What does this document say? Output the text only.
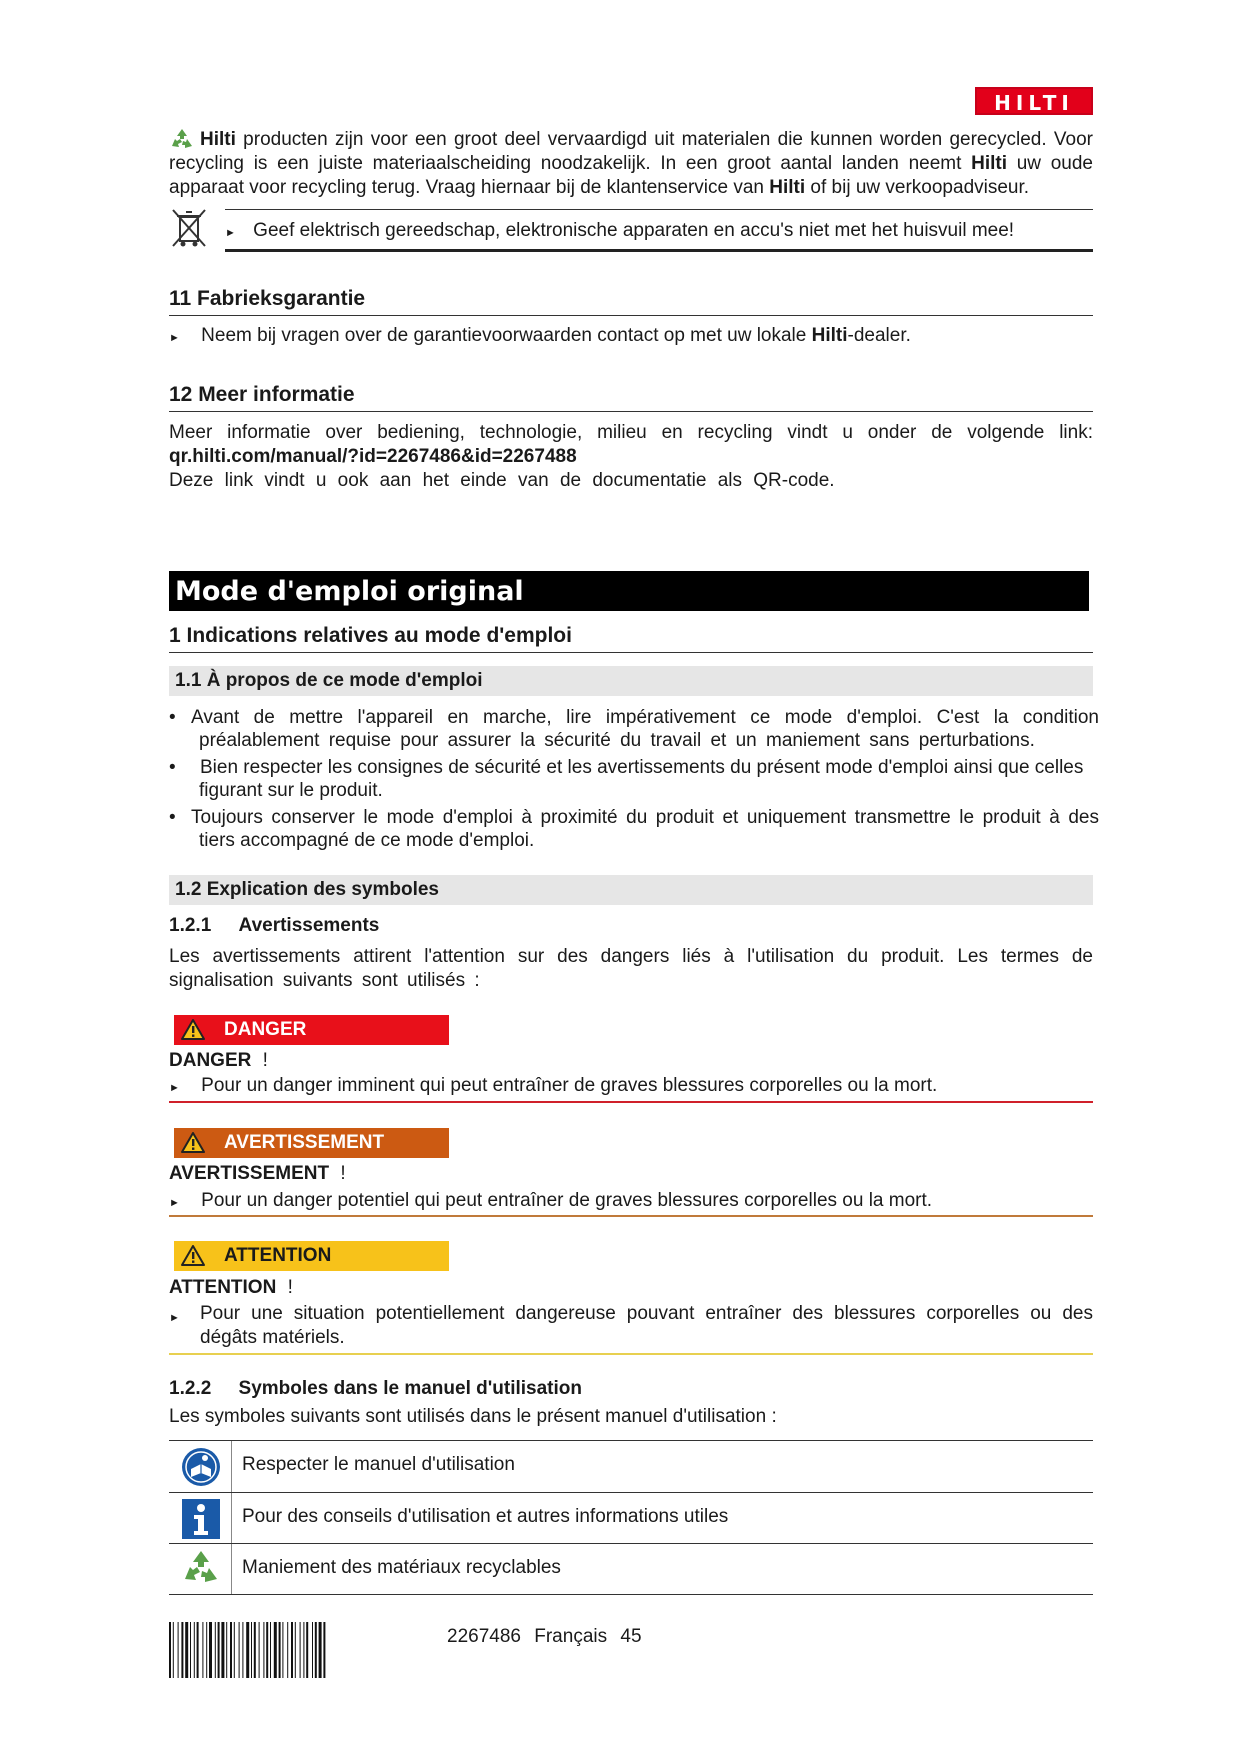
HILTI
Hilti producten zijn voor een groot deel vervaardigd uit materialen die kunnen worden gerecycled. Voor
recycling is een juiste materiaalscheiding noodzakelijk. In een groot aantal landen neemt Hilti uw oude
apparaat voor recycling terug. Vraag hiernaar bij de klantenservice van Hilti of bij uw verkoopadviseur.
► Geef elektrisch gereedschap, elektronische apparaten en accu's niet met het huisvuil mee!
11 Fabrieksgarantie
► Neem bij vragen over de garantievoorwaarden contact op met uw lokale Hilti-dealer.
12 Meer informatie
Meer informatie over bediening, technologie, milieu en recycling vindt u onder de volgende link:
qr.hilti.com/manual/?id=2267486&id=2267488
Deze link vindt u ook aan het einde van de documentatie als QR-code.
Mode d'emploi original
1 Indications relatives au mode d'emploi
1.1 À propos de ce mode d'emploi
• Avant de mettre l'appareil en marche, lire impérativement ce mode d'emploi. C'est la condition
préalablement requise pour assurer la sécurité du travail et un maniement sans perturbations.
• Bien respecter les consignes de sécurité et les avertissements du présent mode d'emploi ainsi que celles
figurant sur le produit.
• Toujours conserver le mode d'emploi à proximité du produit et uniquement transmettre le produit à des
tiers accompagné de ce mode d'emploi.
1.2 Explication des symboles
1.2.1 Avertissements
Les avertissements attirent l'attention sur des dangers liés à l'utilisation du produit. Les termes de
signalisation suivants sont utilisés :
DANGER
DANGER !
► Pour un danger imminent qui peut entraîner de graves blessures corporelles ou la mort.
AVERTISSEMENT
AVERTISSEMENT !
► Pour un danger potentiel qui peut entraîner de graves blessures corporelles ou la mort.
ATTENTION
ATTENTION !
► Pour une situation potentiellement dangereuse pouvant entraîner des blessures corporelles ou des
dégâts matériels.
1.2.2 Symboles dans le manuel d'utilisation
Les symboles suivants sont utilisés dans le présent manuel d'utilisation :
Respecter le manuel d'utilisation
Pour des conseils d'utilisation et autres informations utiles
Maniement des matériaux recyclables
2267486 Français 45
